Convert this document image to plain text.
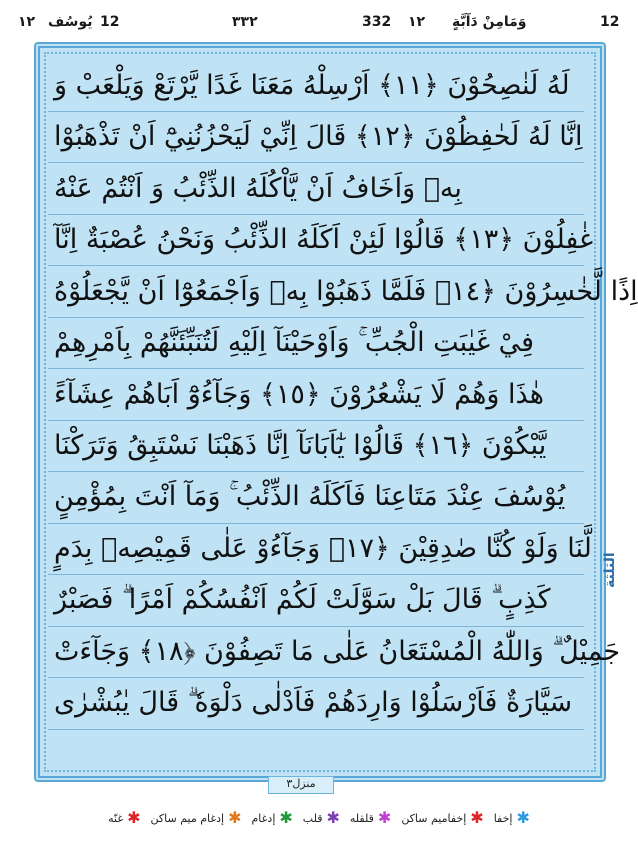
۱۲ يُوسُف 12	۳۳۲	332 ۱۲ وَمَامِنْ دَآبَّةٍ	12
لَهُ لَنٰصِحُوْنَ ﴿١١﴾ اَرْسِلْهُ مَعَنَا غَدًا يَّرْتَعْ وَيَلْعَبْ وَ
اِنَّا لَهُ لَحٰفِظُوْنَ ﴿١٢﴾ قَالَ اِنِّيْ لَيَحْزُنُنِيْٓ اَنْ تَذْهَبُوْا
بِهٖ وَاَخَافُ اَنْ يَّاْكُلَهُ الذِّئْبُ وَ اَنْتُمْ عَنْهُ
غٰفِلُوْنَ ﴿١٣﴾ قَالُوْا لَئِنْ اَكَلَهُ الذِّئْبُ وَنَحْنُ عُصْبَةٌ اِنَّآ
اِذًا لَّخٰسِرُوْنَ ﴿١٤﴾ فَلَمَّا ذَهَبُوْا بِهٖ وَاَجْمَعُوْٓا اَنْ يَّجْعَلُوْهُ
فِيْ غَيٰبَتِ الْجُبِّ ۚ وَاَوْحَيْنَآ اِلَيْهِ لَتُنَبِّئَنَّهُمْ بِاَمْرِهِمْ
هٰذَا وَهُمْ لَا يَشْعُرُوْنَ ﴿١٥﴾ وَجَآءُوْٓ اَبَاهُمْ عِشَآءً
يَّبْكُوْنَ ﴿١٦﴾ قَالُوْا يٰٓاَبَانَآ اِنَّا ذَهَبْنَا نَسْتَبِقُ وَتَرَكْنَا
يُوْسُفَ عِنْدَ مَتَاعِنَا فَاَكَلَهُ الذِّئْبُ ۚ وَمَآ اَنْتَ بِمُؤْمِنٍ
لَّنَا وَلَوْ كُنَّا صٰدِقِيْنَ ﴿١٧﴾ وَجَآءُوْ عَلٰى قَمِيْصِهٖ بِدَمٍ
كَذِبٍ ۗ قَالَ بَلْ سَوَّلَتْ لَكُمْ اَنْفُسُكُمْ اَمْرًا ۗ فَصَبْرٌ
جَمِيْلٌ ۗ وَاللّٰهُ الْمُسْتَعَانُ عَلٰى مَا تَصِفُوْنَ ﴿١٨﴾ وَجَآءَتْ
سَيَّارَةٌ فَاَرْسَلُوْا وَارِدَهُمْ فَاَدْلٰى دَلْوَهٗ ۗ قَالَ يٰبُشْرٰى
الثلثة
منزل٣
✱
إخفا
✱
إخفاميم ساكن
✱
قلقله
✱
قلب
✱
إدغام
✱
إدغام ميم ساكن
✱
غنّه
